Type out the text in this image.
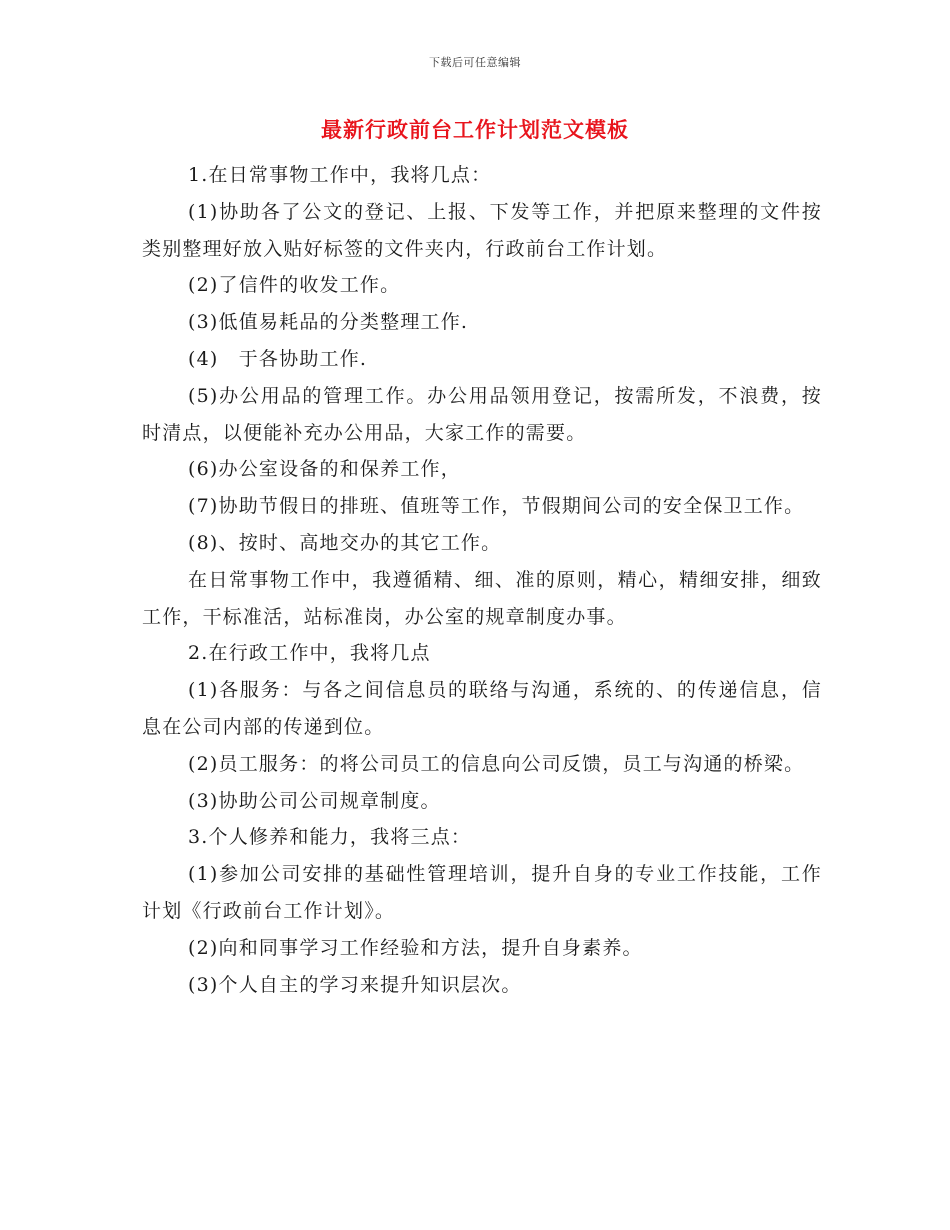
下载后可任意编辑
最新行政前台工作计划范文模板

1.在日常事物工作中，我将几点：

(1)协助各了公文的登记、上报、下发等工作，并把原来整理的文件按类别整理好放入贴好标签的文件夹内，行政前台工作计划。

(2)了信件的收发工作。

(3)低值易耗品的分类整理工作.

(4)　于各协助工作.

(5)办公用品的管理工作。办公用品领用登记，按需所发，不浪费，按时清点，以便能补充办公用品，大家工作的需要。

(6)办公室设备的和保养工作，

(7)协助节假日的排班、值班等工作，节假期间公司的安全保卫工作。

(8)、按时、高地交办的其它工作。

在日常事物工作中，我遵循精、细、准的原则，精心，精细安排，细致工作，干标准活，站标准岗，办公室的规章制度办事。

2.在行政工作中，我将几点

(1)各服务：与各之间信息员的联络与沟通，系统的、的传递信息，信息在公司内部的传递到位。

(2)员工服务：的将公司员工的信息向公司反馈，员工与沟通的桥梁。

(3)协助公司公司规章制度。

3.个人修养和能力，我将三点：

(1)参加公司安排的基础性管理培训，提升自身的专业工作技能，工作计划《行政前台工作计划》。

(2)向和同事学习工作经验和方法，提升自身素养。

(3)个人自主的学习来提升知识层次。
